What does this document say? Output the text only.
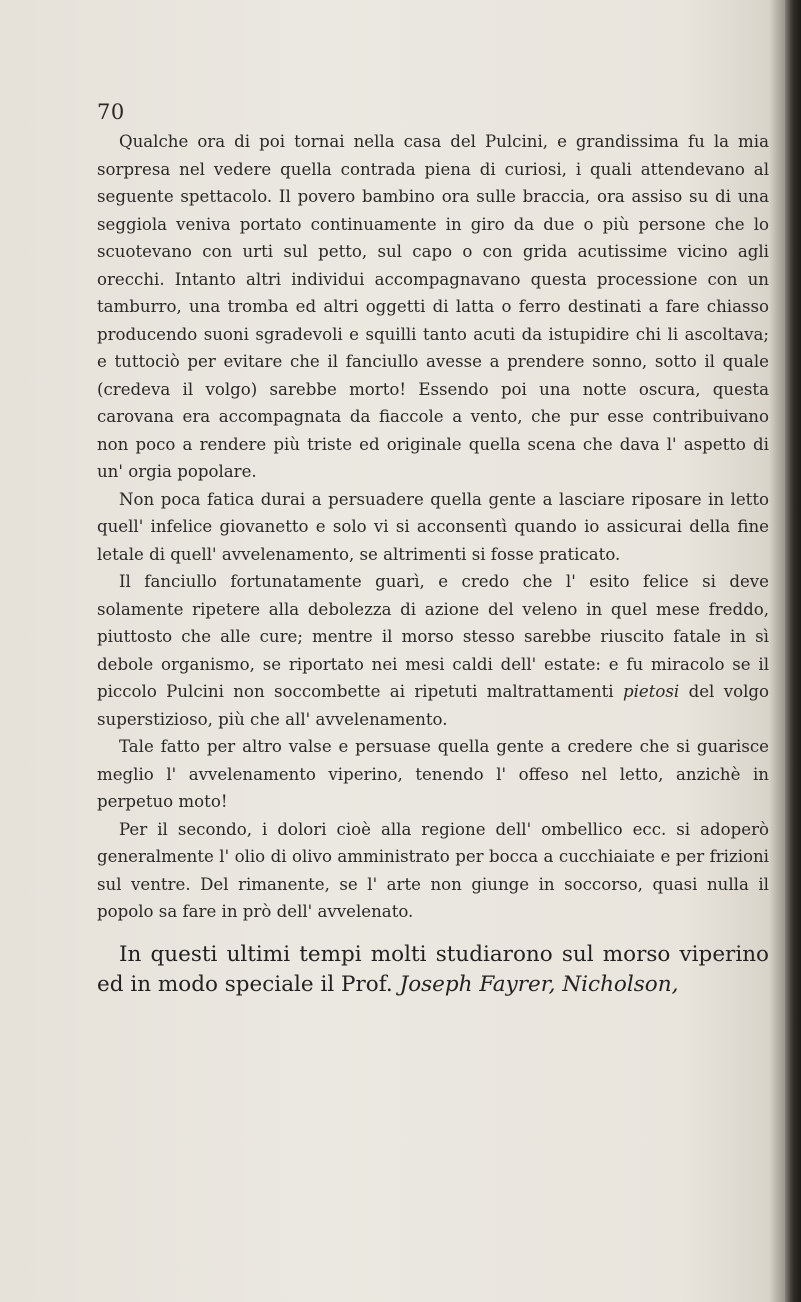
70

Qualche ora di poi tornai nella casa del Pulcini, e grandissima fu la mia sorpresa nel vedere quella contrada piena di curiosi, i quali attendevano al seguente spettacolo. Il povero bambino ora sulle braccia, ora assiso su di una seggiola veniva portato continuamente in giro da due o più persone che lo scuotevano con urti sul petto, sul capo o con grida acutissime vicino agli orecchi. Intanto altri individui accompagnavano questa processione con un tamburro, una tromba ed altri oggetti di latta o ferro destinati a fare chiasso producendo suoni sgradevoli e squilli tanto acuti da istupidire chi li ascoltava; e tuttociò per evitare che il fanciullo avesse a prendere sonno, sotto il quale (credeva il volgo) sarebbe morto! Essendo poi una notte oscura, questa carovana era accompagnata da fiaccole a vento, che pur esse contribuivano non poco a rendere più triste ed originale quella scena che dava l' aspetto di un' orgia popolare.

Non poca fatica durai a persuadere quella gente a lasciare riposare in letto quell' infelice giovanetto e solo vi si acconsentì quando io assicurai della fine letale di quell' avvelenamento, se altrimenti si fosse praticato.

Il fanciullo fortunatamente guarì, e credo che l' esito felice si deve solamente ripetere alla debolezza di azione del veleno in quel mese freddo, piuttosto che alle cure; mentre il morso stesso sarebbe riuscito fatale in sì debole organismo, se riportato nei mesi caldi dell' estate: e fu miracolo se il piccolo Pulcini non soccombette ai ripetuti maltrattamenti pietosi del volgo superstizioso, più che all' avvelenamento.

Tale fatto per altro valse e persuase quella gente a credere che si guarisce meglio l' avvelenamento viperino, tenendo l' offeso nel letto, anzichè in perpetuo moto!

Per il secondo, i dolori cioè alla regione dell' ombellico ecc. si adoperò generalmente l' olio di olivo amministrato per bocca a cucchiaiate e per frizioni sul ventre. Del rimanente, se l' arte non giunge in soccorso, quasi nulla il popolo sa fare in prò dell' avvelenato.

In questi ultimi tempi molti studiarono sul morso viperino ed in modo speciale il Prof. Joseph Fayrer, Nicholson,
